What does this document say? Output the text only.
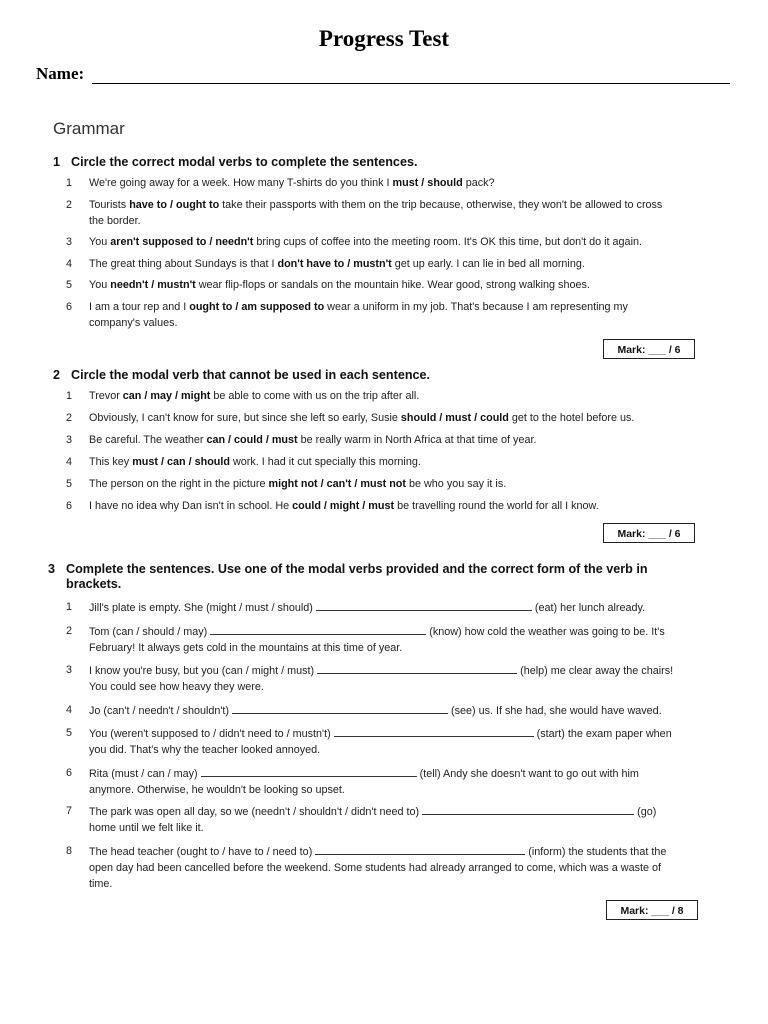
Progress Test
Name:
Grammar
1 Circle the correct modal verbs to complete the sentences.
1	We're going away for a week. How many T-shirts do you think I must / should pack?
2	Tourists have to / ought to take their passports with them on the trip because, otherwise, they won't be allowed to cross the border.
3	You aren't supposed to / needn't bring cups of coffee into the meeting room. It's OK this time, but don't do it again.
4	The great thing about Sundays is that I don't have to / mustn't get up early. I can lie in bed all morning.
5	You needn't / mustn't wear flip-flops or sandals on the mountain hike. Wear good, strong walking shoes.
6	I am a tour rep and I ought to / am supposed to wear a uniform in my job. That's because I am representing my company's values.
Mark: ___ / 6
2 Circle the modal verb that cannot be used in each sentence.
1	Trevor can / may / might be able to come with us on the trip after all.
2	Obviously, I can't know for sure, but since she left so early, Susie should / must / could get to the hotel before us.
3	Be careful. The weather can / could / must be really warm in North Africa at that time of year.
4	This key must / can / should work. I had it cut specially this morning.
5	The person on the right in the picture might not / can't / must not be who you say it is.
6	I have no idea why Dan isn't in school. He could / might / must be travelling round the world for all I know.
Mark: ___ / 6
3 Complete the sentences. Use one of the modal verbs provided and the correct form of the verb in brackets.
1	Jill's plate is empty. She (might / must / should)	(eat) her lunch already.
2	Tom (can / should / may)	(know) how cold the weather was going to be. It's February! It always gets cold in the mountains at this time of year.
3	I know you're busy, but you (can / might / must)	(help) me clear away the chairs! You could see how heavy they were.
4	Jo (can't / needn't / shouldn't)	(see) us. If she had, she would have waved.
5	You (weren't supposed to / didn't need to / mustn't)	(start) the exam paper when you did. That's why the teacher looked annoyed.
6	Rita (must / can / may)	(tell) Andy she doesn't want to go out with him anymore. Otherwise, he wouldn't be looking so upset.
7	The park was open all day, so we (needn't / shouldn't / didn't need to)	(go) home until we felt like it.
8	The head teacher (ought to / have to / need to)	(inform) the students that the open day had been cancelled before the weekend. Some students had already arranged to come, which was a waste of time.
Mark: ___ / 8
